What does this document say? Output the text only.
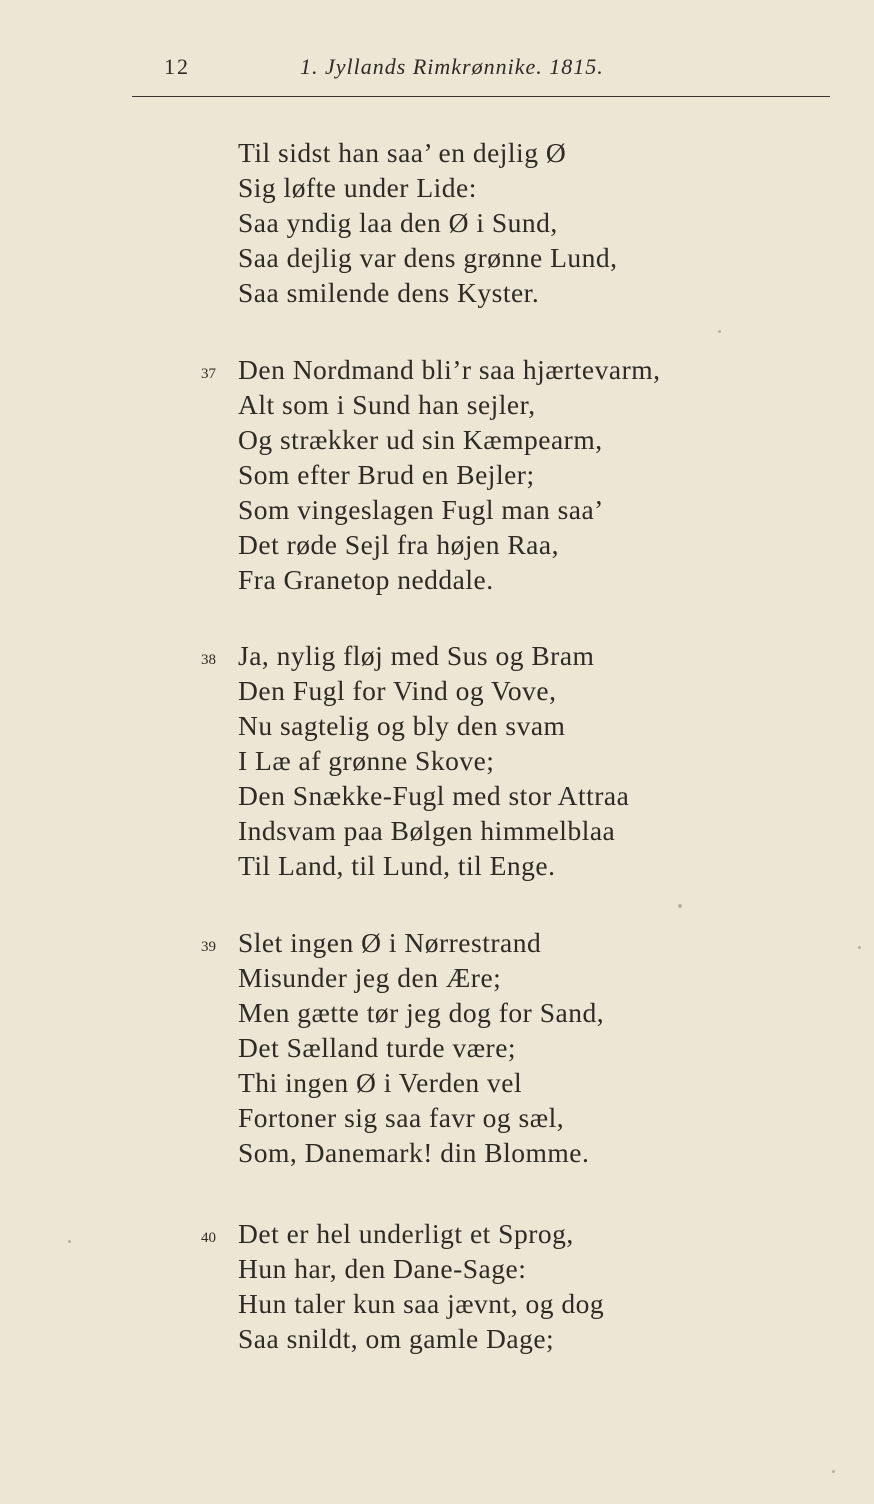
12	1. Jyllands Rimkrønnike. 1815.
Til sidst han saa’ en dejlig Ø
Sig løfte under Lide:
Saa yndig laa den Ø i Sund,
Saa dejlig var dens grønne Lund,
Saa smilende dens Kyster.
37 Den Nordmand bli’r saa hjærtevarm,
Alt som i Sund han sejler,
Og strækker ud sin Kæmpearm,
Som efter Brud en Bejler;
Som vingeslagen Fugl man saa’
Det røde Sejl fra højen Raa,
Fra Granetop neddale.
38 Ja, nylig fløj med Sus og Bram
Den Fugl for Vind og Vove,
Nu sagtelig og bly den svam
I Læ af grønne Skove;
Den Snække-Fugl med stor Attraa
Indsvam paa Bølgen himmelblaa
Til Land, til Lund, til Enge.
39 Slet ingen Ø i Nørrestrand
Misunder jeg den Ære;
Men gætte tør jeg dog for Sand,
Det Sælland turde være;
Thi ingen Ø i Verden vel
Fortoner sig saa favr og sæl,
Som, Danemark! din Blomme.
40 Det er hel underligt et Sprog,
Hun har, den Dane-Sage:
Hun taler kun saa jævnt, og dog
Saa snildt, om gamle Dage;
